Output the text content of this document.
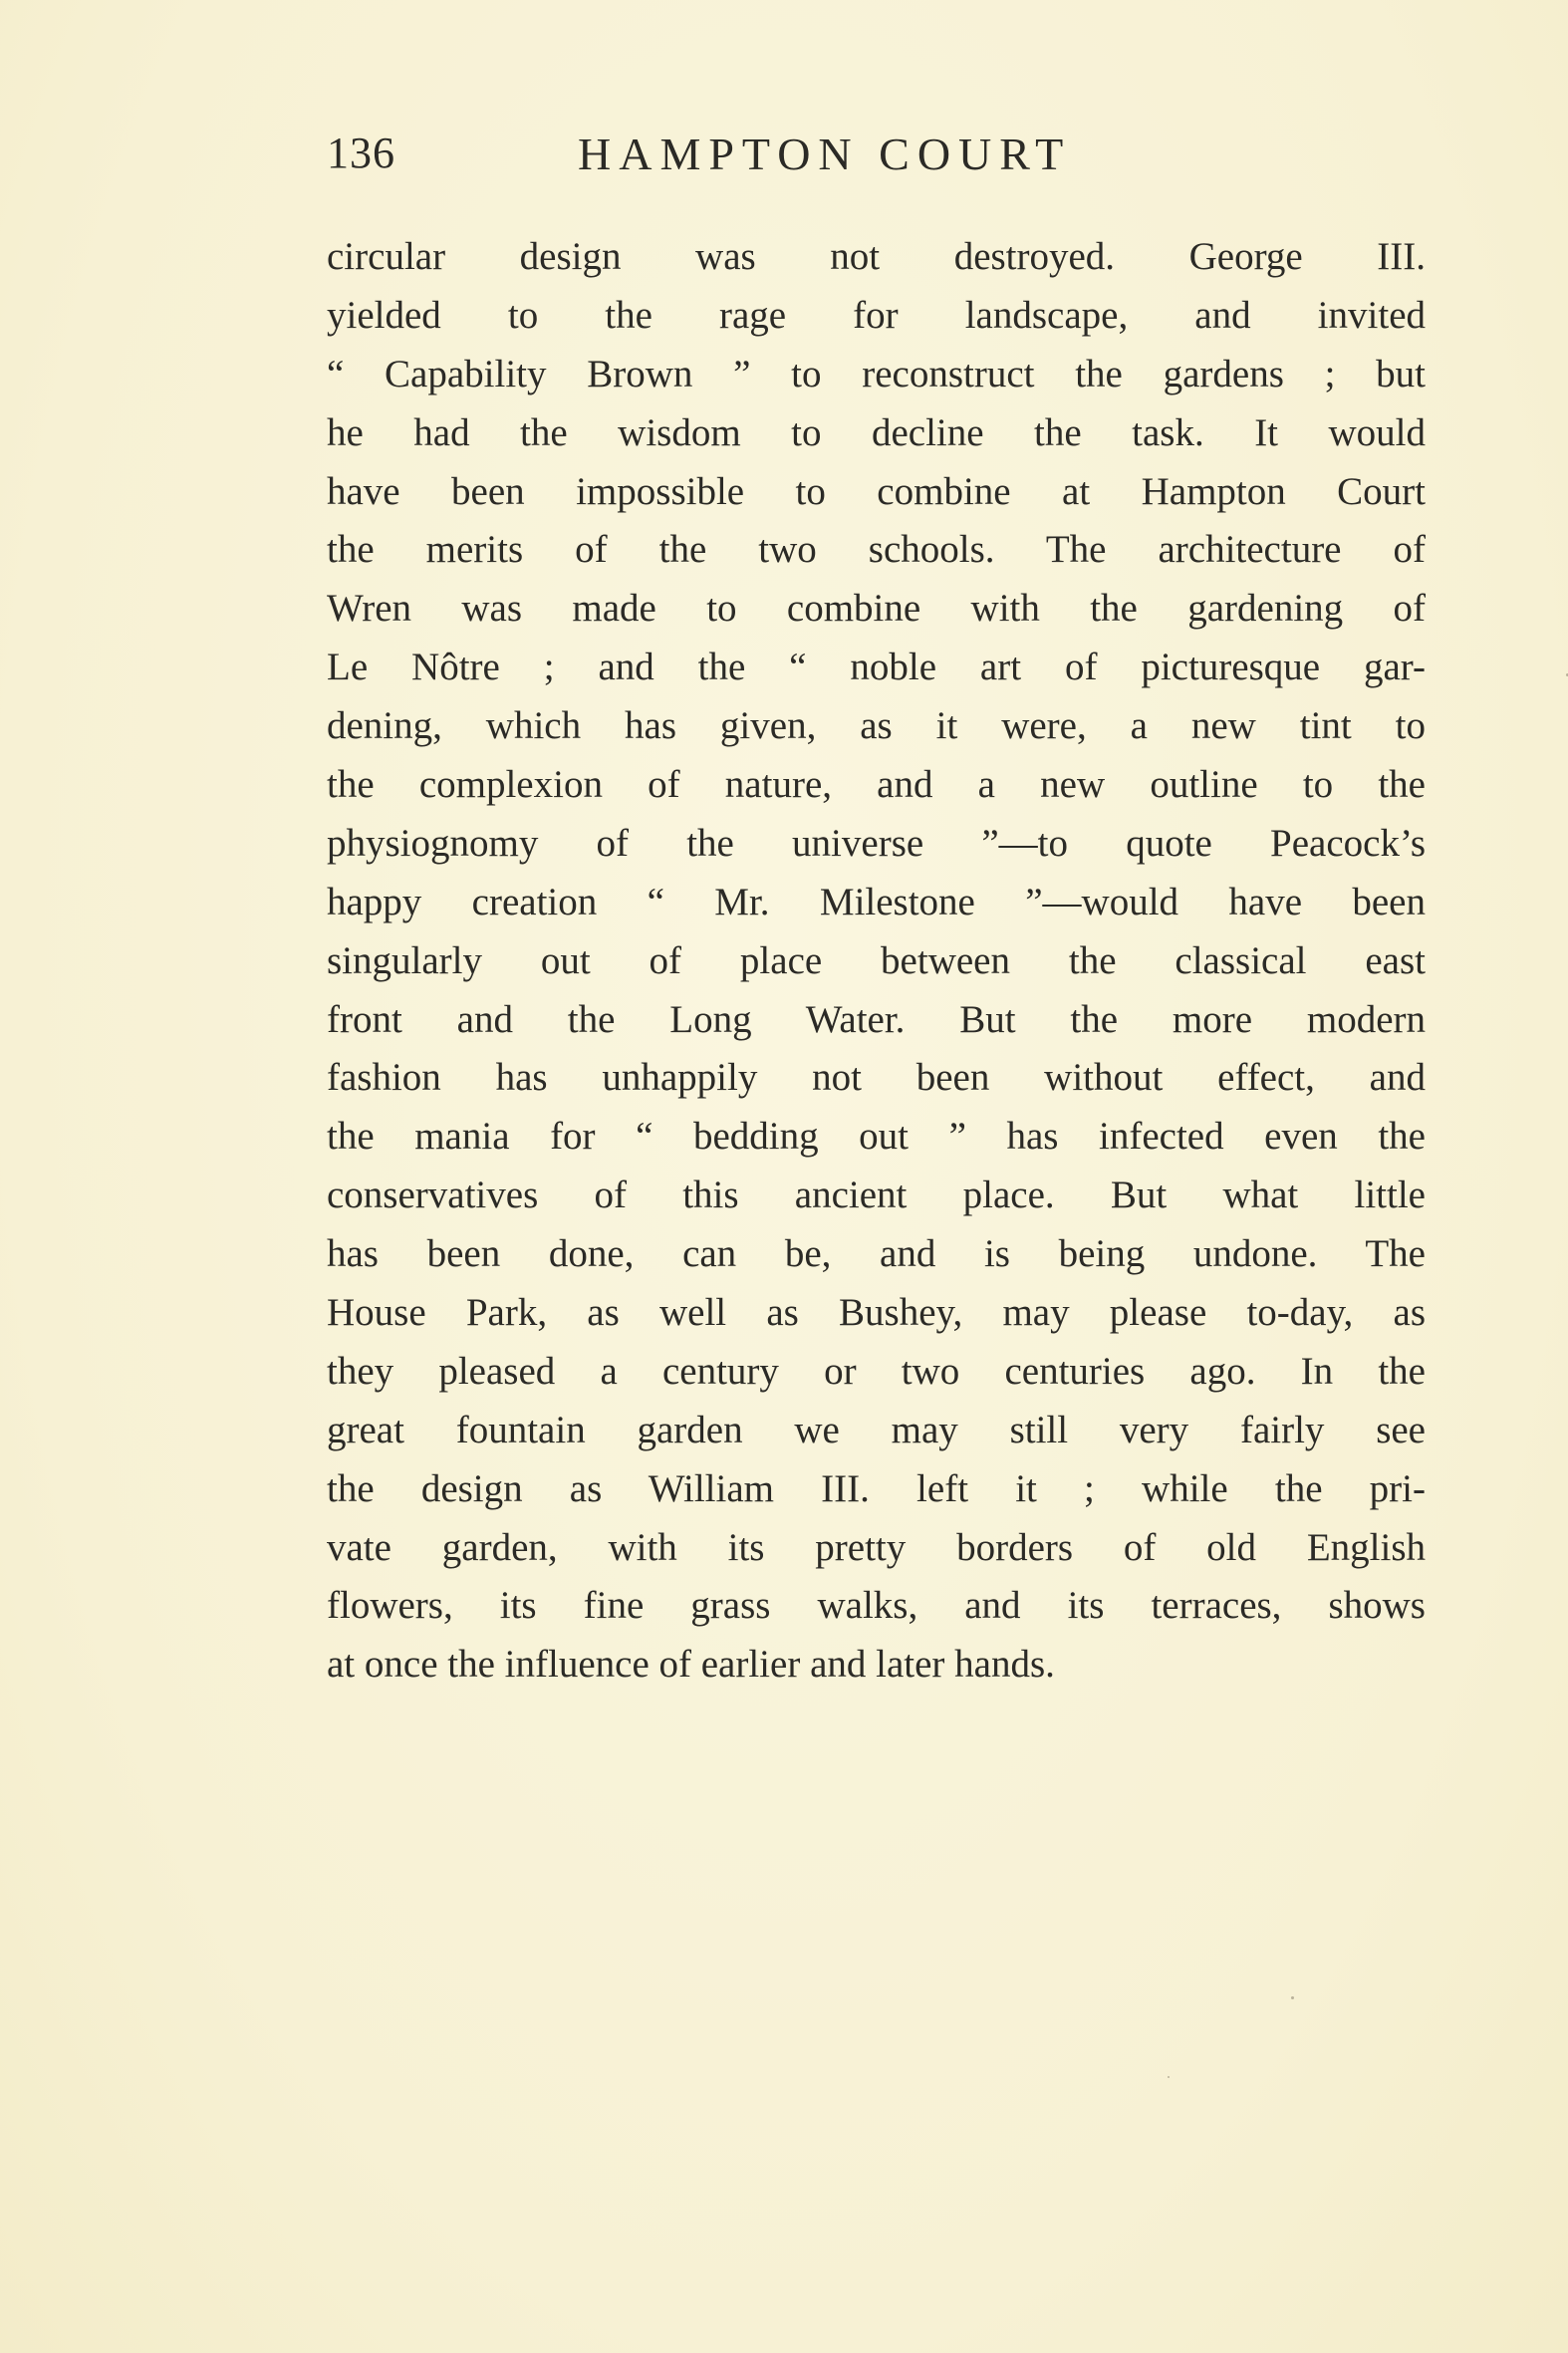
136	HAMPTON COURT
circular design was not destroyed. George III.
yielded to the rage for landscape, and invited
“ Capability Brown ” to reconstruct the gardens ; but
he had the wisdom to decline the task. It would
have been impossible to combine at Hampton Court
the merits of the two schools. The architecture of
Wren was made to combine with the gardening of
Le Nôtre ; and the “ noble art of picturesque gar-
dening, which has given, as it were, a new tint to
the complexion of nature, and a new outline to the
physiognomy of the universe ”—to quote Peacock’s
happy creation “ Mr. Milestone ”—would have been
singularly out of place between the classical east
front and the Long Water. But the more modern
fashion has unhappily not been without effect, and
the mania for “ bedding out ” has infected even the
conservatives of this ancient place. But what little
has been done, can be, and is being undone. The
House Park, as well as Bushey, may please to-day, as
they pleased a century or two centuries ago. In the
great fountain garden we may still very fairly see
the design as William III. left it ; while the pri-
vate garden, with its pretty borders of old English
flowers, its fine grass walks, and its terraces, shows
at once the influence of earlier and later hands.
